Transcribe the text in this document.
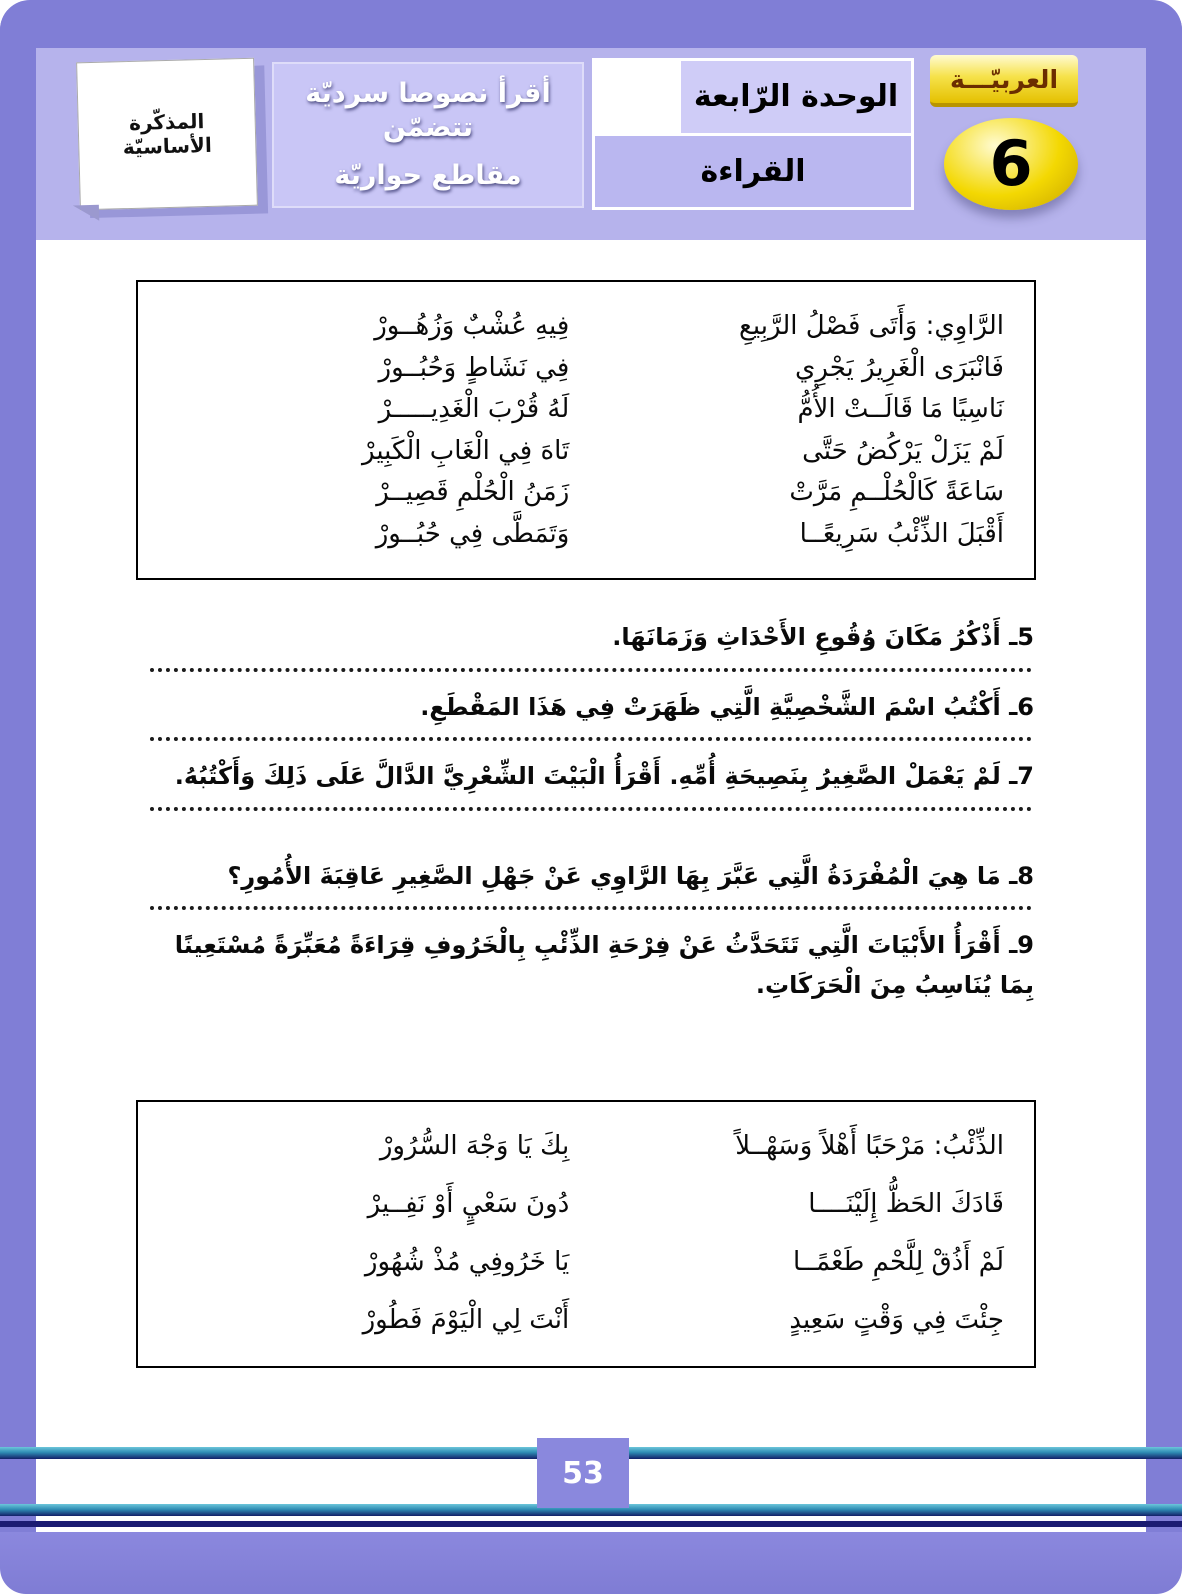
المذكّرة الأساسيّة
أقرأ نصوصا سرديّة تتضمّن
مقاطع حواريّة
الوحدة الرّابعة
القراءة
العربيّـــة
6
الرَّاوِي: وَأَتَى فَصْلُ الرَّبِيعِ
فِيهِ عُشْبٌ وَزُهُــورْ
فَانْبَرَى الْغَرِيرُ يَجْرِي
فِي نَشَاطٍ وَحُبُــورْ
نَاسِيًا مَا قَالَــتْ الأُمُّ
لَهُ قُرْبَ الْغَدِيـــــرْ
لَمْ يَزَلْ يَرْكُضُ حَتَّى
تَاهَ فِي الْغَابِ الْكَبِيرْ
سَاعَةً كَالْحُلْــمِ مَرَّتْ
زَمَنُ الْحُلْمِ قَصِيــرْ
أَقْبَلَ الذِّئْبُ سَرِيعًــا
وَتَمَطَّى فِي حُبُــورْ
5ـ أَذْكُرُ مَكَانَ وُقُوعِ الأَحْدَاثِ وَزَمَانَهَا.
6ـ أَكْتُبُ اسْمَ الشَّخْصِيَّةِ الَّتِي ظَهَرَتْ فِي هَذَا المَقْطَعِ.
7ـ لَمْ يَعْمَلْ الصَّغِيرُ بِنَصِيحَةِ أُمِّهِ. أَقْرَأُ الْبَيْتَ الشِّعْرِيَّ الدَّالَّ عَلَى ذَلِكَ وَأَكْتُبُهُ.
8ـ مَا هِيَ الْمُفْرَدَةُ الَّتِي عَبَّرَ بِهَا الرَّاوِي عَنْ جَهْلِ الصَّغِيرِ عَاقِبَةَ الأُمُورِ؟
9ـ أَقْرَأُ الأَبْيَاتَ الَّتِي تَتَحَدَّثُ عَنْ فِرْحَةِ الذِّئْبِ بِالْخَرُوفِ قِرَاءَةً مُعَبِّرَةً مُسْتَعِينًا بِمَا يُنَاسِبُ مِنَ الْحَرَكَاتِ.
الذِّئْبُ: مَرْحَبًا أَهْلاً وَسَهْــلاً
بِكَ يَا وَجْهَ السُّرُورْ
قَادَكَ الحَظُّ إِلَيْنَــــا
دُونَ سَعْيٍ أَوْ نَفِــيرْ
لَمْ أَذُقْ لِلَّحْمِ طَعْمًــا
يَا خَرُوفِي مُذْ شُهُورْ
جِئْتَ فِي وَقْتٍ سَعِيدٍ
أَنْتَ لِي الْيَوْمَ فَطُورْ
53
